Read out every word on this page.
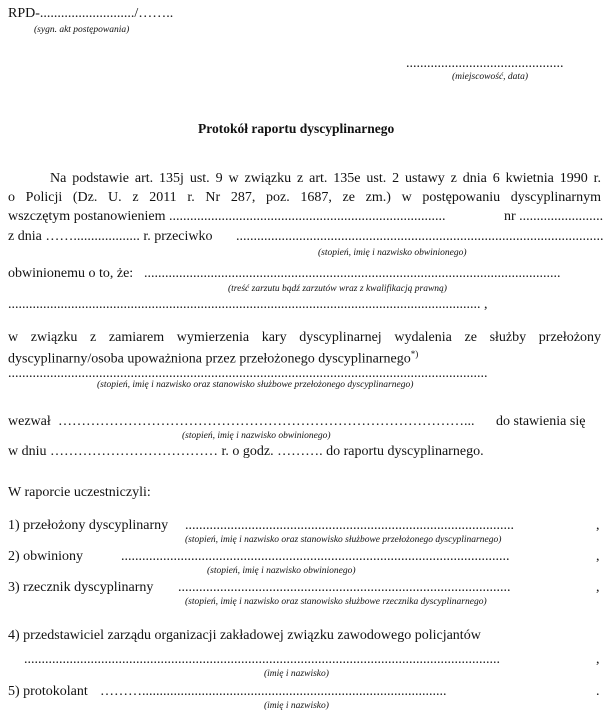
RPD-.........................../……..
(sygn. akt postępowania)
.............................................
(miejscowość, data)
Protokół raportu dyscyplinarnego
Na podstawie art. 135j ust. 9 w związku z art. 135e ust. 2 ustawy z dnia 6 kwietnia 1990 r.
o Policji (Dz. U. z 2011 r. Nr 287, poz. 1687, ze zm.) w postępowaniu dyscyplinarnym
wszczętym postanowieniem ...............................................................................	nr ........................
z dnia ……................... r. przeciwko .........................................................................................................
(stopień, imię i nazwisko obwinionego)
obwinionemu o to, że: .......................................................................................................................
(treść zarzutu bądź zarzutów wraz z kwalifikacją prawną)
....................................................................................................................................... ,
w związku z zamiarem wymierzenia kary dyscyplinarnej wydalenia ze służby przełożony
dyscyplinarny/osoba upoważniona przez przełożonego dyscyplinarnego*)
.........................................................................................................................................
(stopień, imię i nazwisko oraz stanowisko służbowe przełożonego dyscyplinarnego)
wezwał ……………………………………………………………………………... do stawienia się
(stopień, imię i nazwisko obwinionego)
w dniu ……………………………… r. o godz. ………. do raportu dyscyplinarnego.
W raporcie uczestniczyli:
1) przełożony dyscyplinarny ..............................................................................................	,
(stopień, imię i nazwisko oraz stanowisko służbowe przełożonego dyscyplinarnego)
2) obwiniony	...............................................................................................................	,
(stopień, imię i nazwisko obwinionego)
3) rzecznik dyscyplinarny ...............................................................................................	,
(stopień, imię i nazwisko oraz stanowisko służbowe rzecznika dyscyplinarnego)
4) przedstawiciel zarządu organizacji zakładowej związku zawodowego policjantów
........................................................................................................................................	,
(imię i nazwisko)
5) protokolant ……….......................................................................................	.
(imię i nazwisko)
